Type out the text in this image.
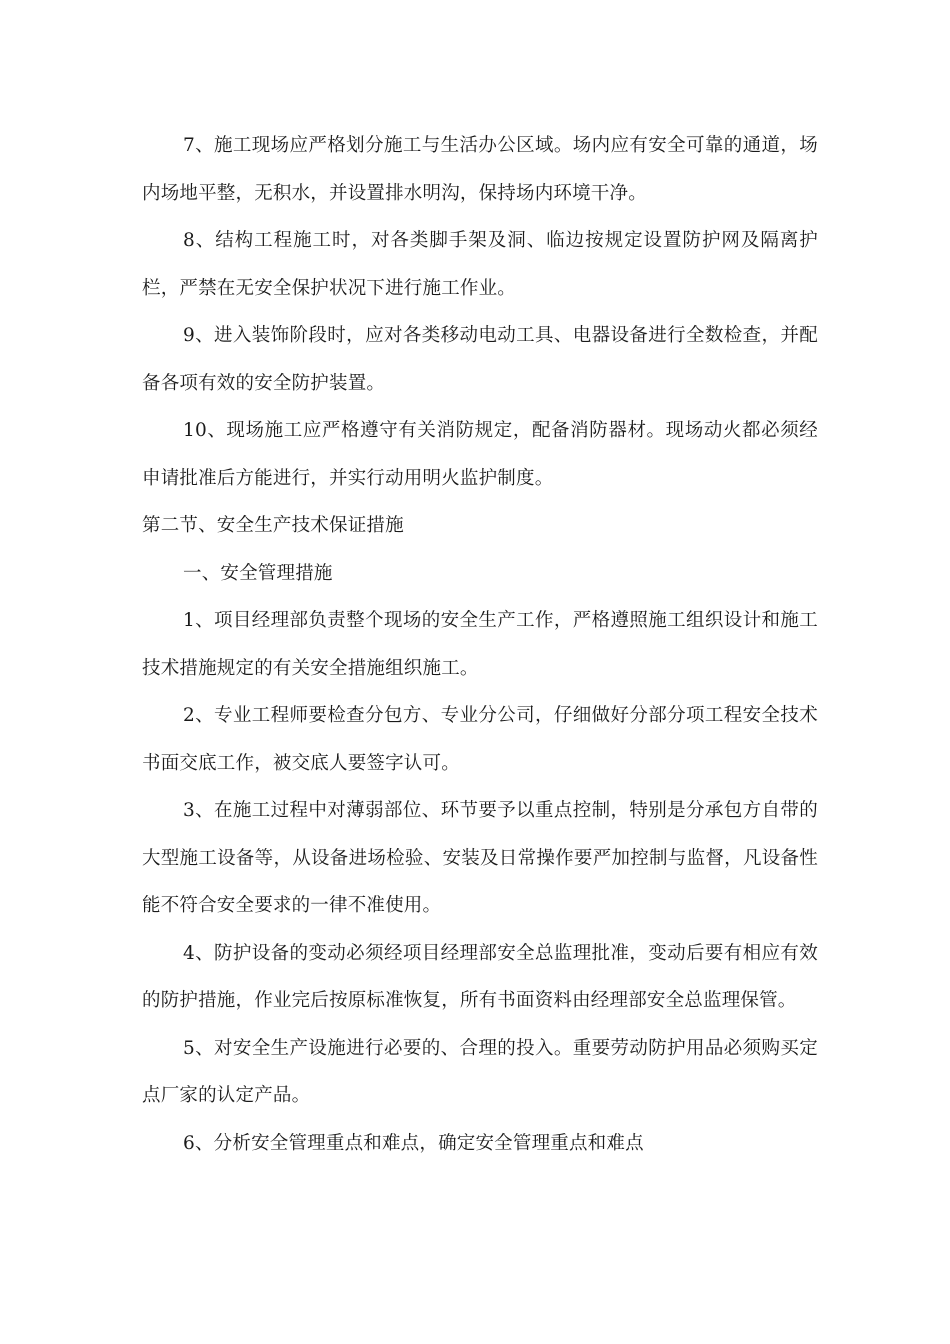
7、施工现场应严格划分施工与生活办公区域。场内应有安全可靠的通道，场内场地平整，无积水，并设置排水明沟，保持场内环境干净。

8、结构工程施工时，对各类脚手架及洞、临边按规定设置防护网及隔离护栏，严禁在无安全保护状况下进行施工作业。

9、进入装饰阶段时，应对各类移动电动工具、电器设备进行全数检查，并配备各项有效的安全防护装置。

10、现场施工应严格遵守有关消防规定，配备消防器材。现场动火都必须经申请批准后方能进行，并实行动用明火监护制度。

第二节、安全生产技术保证措施

一、安全管理措施

1、项目经理部负责整个现场的安全生产工作，严格遵照施工组织设计和施工技术措施规定的有关安全措施组织施工。

2、专业工程师要检查分包方、专业分公司，仔细做好分部分项工程安全技术书面交底工作，被交底人要签字认可。

3、在施工过程中对薄弱部位、环节要予以重点控制，特别是分承包方自带的大型施工设备等，从设备进场检验、安装及日常操作要严加控制与监督，凡设备性能不符合安全要求的一律不准使用。

4、防护设备的变动必须经项目经理部安全总监理批准，变动后要有相应有效的防护措施，作业完后按原标准恢复，所有书面资料由经理部安全总监理保管。

5、对安全生产设施进行必要的、合理的投入。重要劳动防护用品必须购买定点厂家的认定产品。

6、分析安全管理重点和难点，确定安全管理重点和难点
